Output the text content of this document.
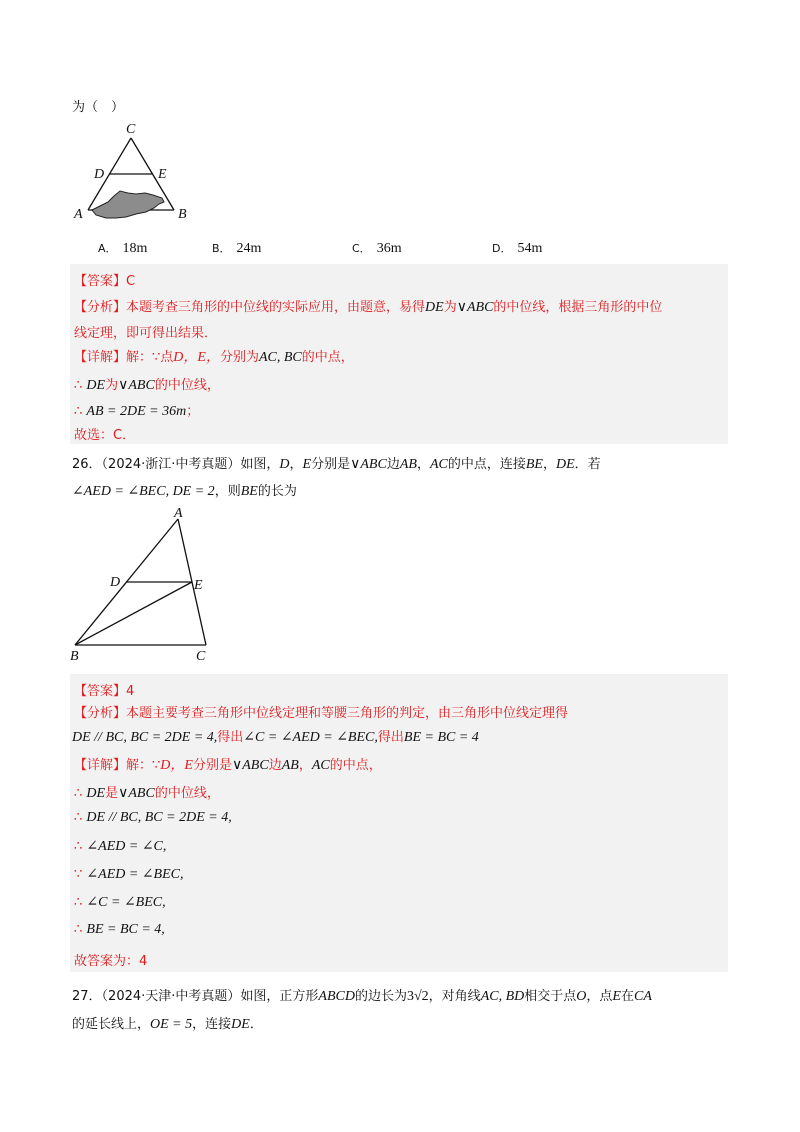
为（　）
C
D	E
A	B
A． 18m	B． 24m	C． 36m	D． 54m
【答案】C
【分析】本题考查三角形的中位线的实际应用，由题意，易得DE为∨ABC的中位线，根据三角形的中位
线定理，即可得出结果．
【详解】解：∵点D，E，分别为AC, BC的中点，
∴ DE为∨ABC的中位线，
∴ AB = 2DE = 36m；
故选：C．
26．（2024·浙江·中考真题）如图，D，E分别是∨ABC边AB，AC的中点，连接BE，DE．若
∠AED = ∠BEC, DE = 2，则BE的长为
A
D	E
B	C
【答案】4
【分析】本题主要考查三角形中位线定理和等腰三角形的判定，由三角形中位线定理得
DE // BC, BC = 2DE = 4,得出∠C = ∠AED = ∠BEC,得出BE = BC = 4
【详解】解：∵D，E分别是∨ABC边AB，AC的中点，
∴ DE是∨ABC的中位线，
∴ DE // BC, BC = 2DE = 4,
∴ ∠AED = ∠C,
∵ ∠AED = ∠BEC,
∴ ∠C = ∠BEC,
∴ BE = BC = 4,
故答案为：4
27．（2024·天津·中考真题）如图，正方形ABCD的边长为3√2，对角线AC, BD相交于点O，点E在CA
的延长线上，OE = 5，连接DE．
